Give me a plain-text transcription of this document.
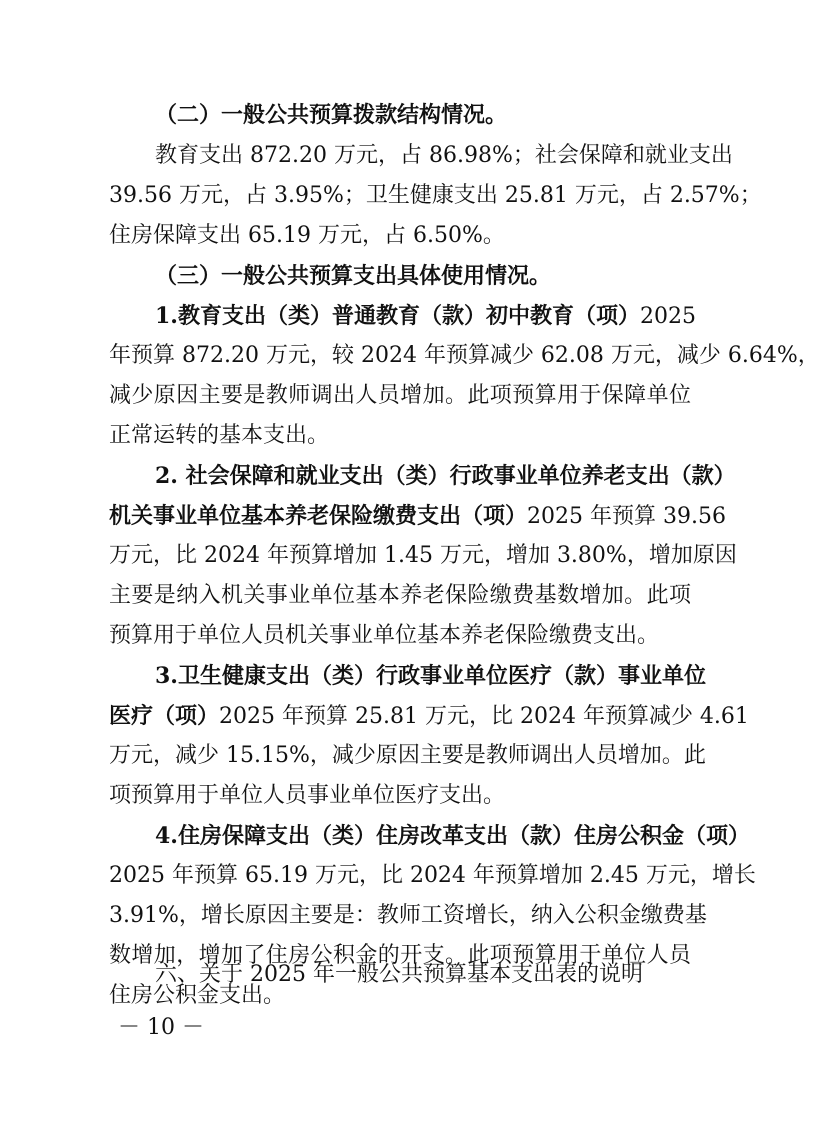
（二）一般公共预算拨款结构情况。
教育支出 872.20 万元，占 86.98%；社会保障和就业支出
39.56 万元，占 3.95%；卫生健康支出 25.81 万元，占 2.57%；
住房保障支出 65.19 万元，占 6.50%。
（三）一般公共预算支出具体使用情况。
1.教育支出（类）普通教育（款）初中教育（项）2025
年预算 872.20 万元，较 2024 年预算减少 62.08 万元，减少 6.64%，
减少原因主要是教师调出人员增加。此项预算用于保障单位
正常运转的基本支出。
2. 社会保障和就业支出（类）行政事业单位养老支出（款）
机关事业单位基本养老保险缴费支出（项）2025 年预算 39.56
万元，比 2024 年预算增加 1.45 万元，增加 3.80%，增加原因
主要是纳入机关事业单位基本养老保险缴费基数增加。此项
预算用于单位人员机关事业单位基本养老保险缴费支出。
3.卫生健康支出（类）行政事业单位医疗（款）事业单位
医疗（项）2025 年预算 25.81 万元，比 2024 年预算减少 4.61
万元，减少 15.15%，减少原因主要是教师调出人员增加。此
项预算用于单位人员事业单位医疗支出。
4.住房保障支出（类）住房改革支出（款）住房公积金（项）
2025 年预算 65.19 万元，比 2024 年预算增加 2.45 万元，增长
3.91%，增长原因主要是：教师工资增长，纳入公积金缴费基
数增加，增加了住房公积金的开支。此项预算用于单位人员
住房公积金支出。
六、关于 2025 年一般公共预算基本支出表的说明
－ 10 －
